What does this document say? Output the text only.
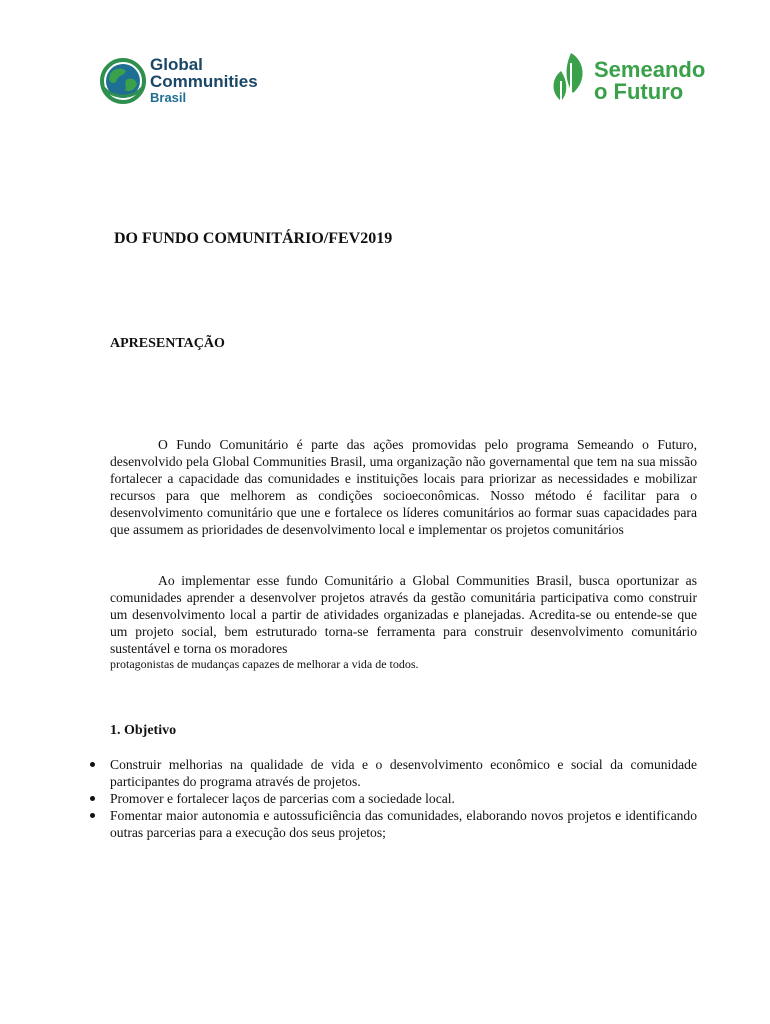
Global
Communities
Brasil
Semeando
o Futuro
DO FUNDO COMUNITÁRIO/FEV2019
APRESENTAÇÃO
O Fundo Comunitário é parte das ações promovidas pelo programa Semeando o Futuro, desenvolvido pela Global Communities Brasil, uma organização não governamental que tem na sua missão fortalecer a capacidade das comunidades e instituições locais para priorizar as necessidades e mobilizar recursos para que melhorem as condições socioeconômicas. Nosso método é facilitar para o desenvolvimento comunitário que une e fortalece os líderes comunitários ao formar suas capacidades para que assumem as prioridades de desenvolvimento local e implementar os projetos comunitários
Ao implementar esse fundo Comunitário a Global Communities Brasil, busca oportunizar as comunidades aprender a desenvolver projetos através da gestão comunitária participativa como construir um desenvolvimento local a partir de atividades organizadas e planejadas. Acredita-se ou entende-se que um projeto social, bem estruturado torna-se ferramenta para construir desenvolvimento comunitário sustentável e torna os moradores
protagonistas de mudanças capazes de melhorar a vida de todos.
1. Objetivo
Construir melhorias na qualidade de vida e o desenvolvimento econômico e social da comunidade participantes do programa através de projetos.
Promover e fortalecer laços de parcerias com a sociedade local.
Fomentar maior autonomia e autossuficiência das comunidades, elaborando novos projetos e identificando outras parcerias para a execução dos seus projetos;
